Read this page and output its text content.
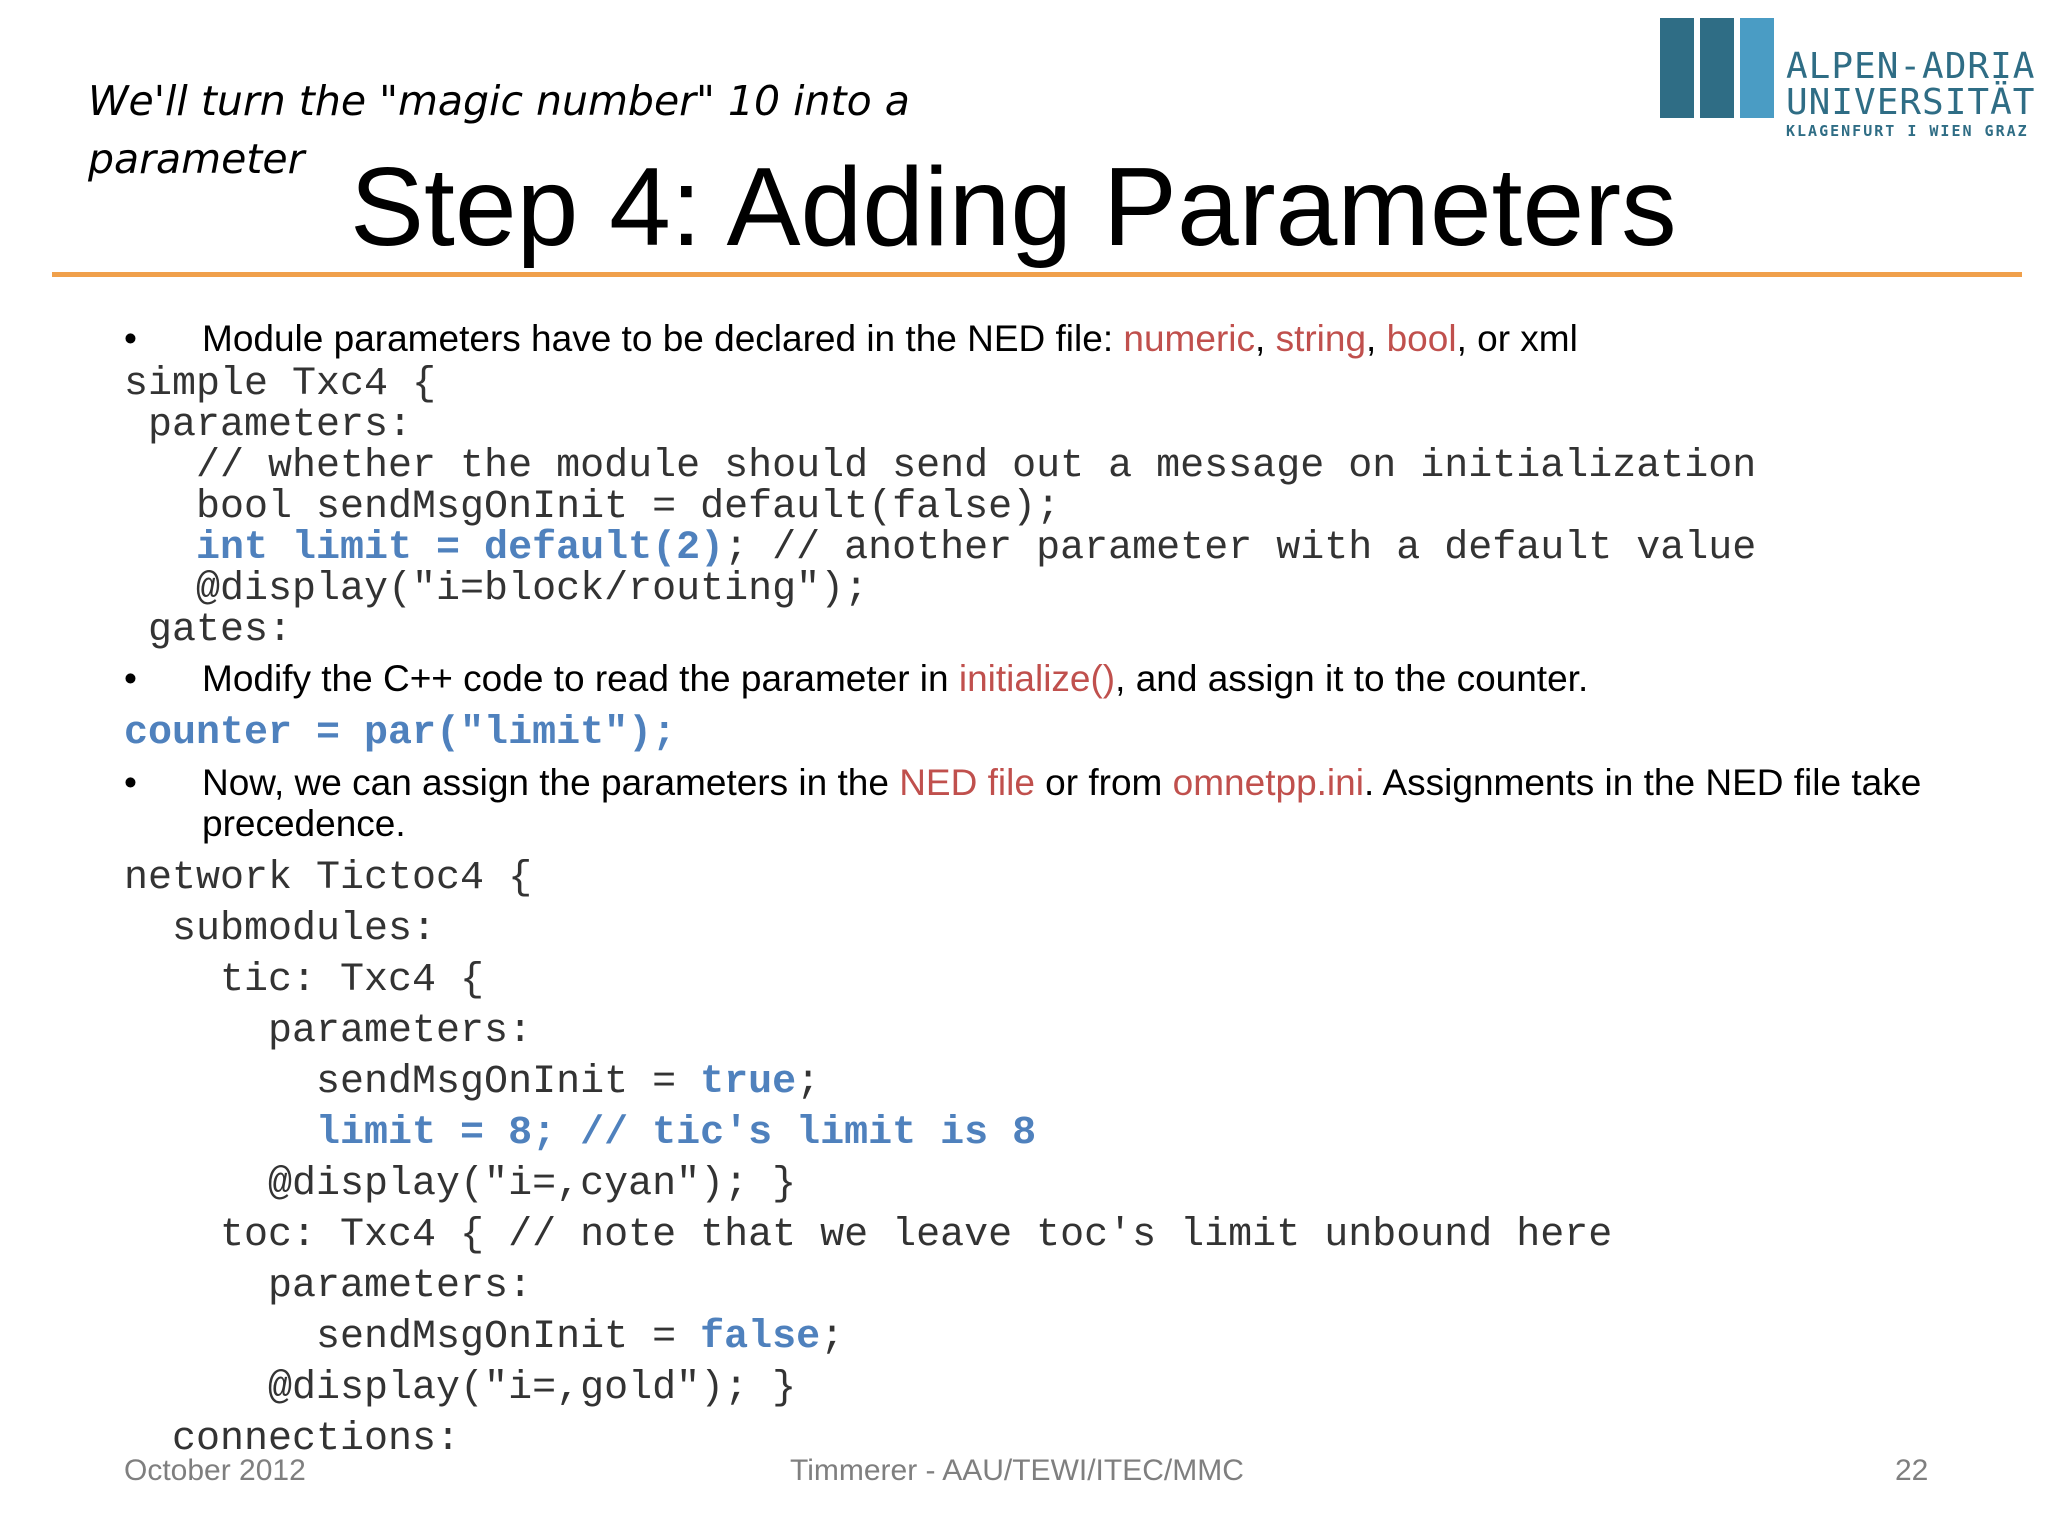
We'll turn the "magic number" 10 into a
parameter Step 4: Adding Parameters
ALPEN-ADRIA
UNIVERSITÄT
KLAGENFURT I WIEN GRAZ
• Module parameters have to be declared in the NED file: numeric, string, bool, or xml
simple Txc4 {
parameters:
// whether the module should send out a message on initialization
bool sendMsgOnInit = default(false);
int limit = default(2); // another parameter with a default value
@display("i=block/routing");
gates:
• Modify the C++ code to read the parameter in initialize(), and assign it to the counter.
counter = par("limit");
• Now, we can assign the parameters in the NED file or from omnetpp.ini. Assignments in the NED file take precedence.
network Tictoc4 {
submodules:
tic: Txc4 {
parameters:
sendMsgOnInit = true;
limit = 8; // tic's limit is 8
@display("i=,cyan"); }
toc: Txc4 { // note that we leave toc's limit unbound here
parameters:
sendMsgOnInit = false;
@display("i=,gold"); }
connections:
October 2012	Timmerer - AAU/TEWI/ITEC/MMC	22
